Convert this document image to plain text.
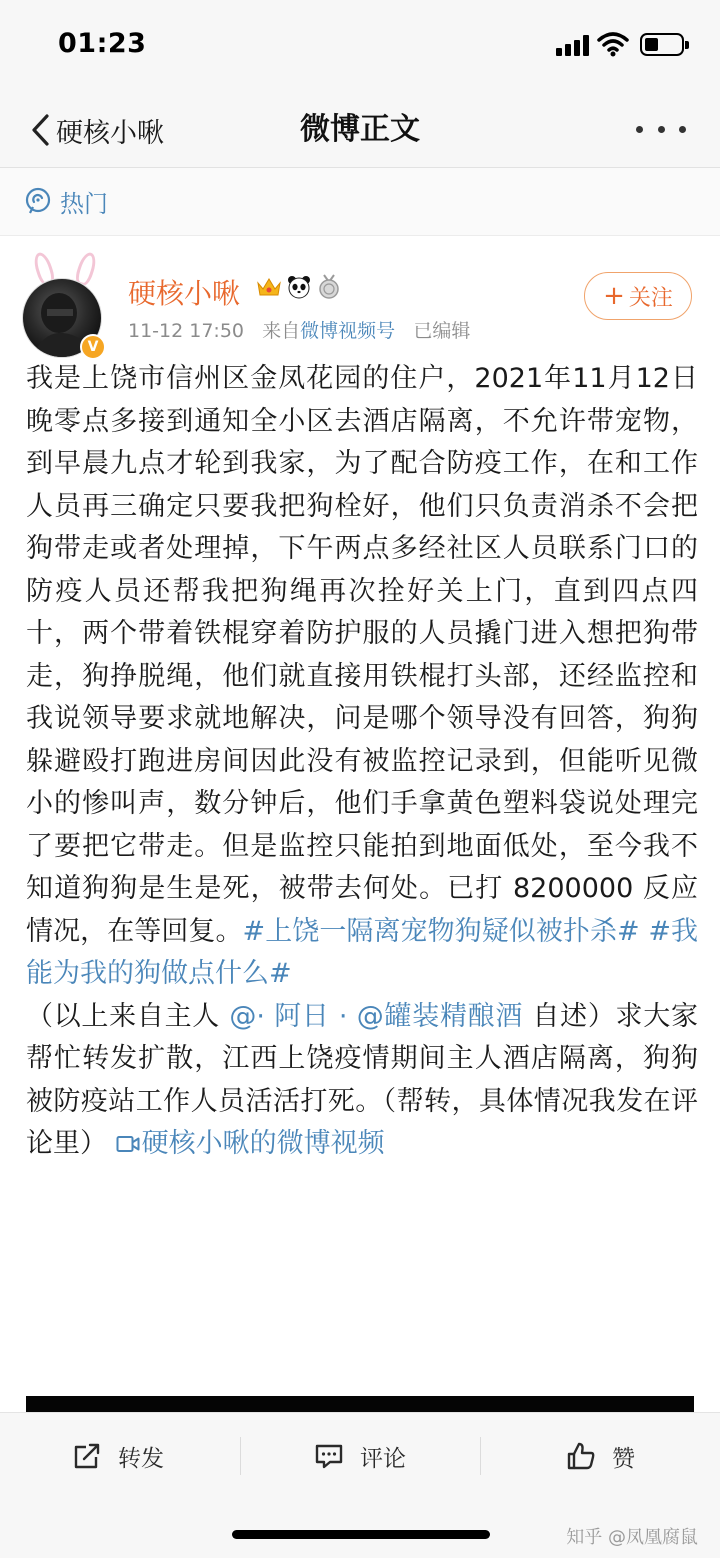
01:23
硬核小啾	微博正文
热门
V
硬核小啾
11-12 17:50 来自微博视频号 已编辑
+ 关注
我是上饶市信州区金凤花园的住户，2021年11月12日晚零点多接到通知全小区去酒店隔离，不允许带宠物，到早晨九点才轮到我家，为了配合防疫工作，在和工作人员再三确定只要我把狗栓好，他们只负责消杀不会把狗带走或者处理掉，下午两点多经社区人员联系门口的防疫人员还帮我把狗绳再次拴好关上门，直到四点四十，两个带着铁棍穿着防护服的人员撬门进入想把狗带走，狗挣脱绳，他们就直接用铁棍打头部，还经监控和我说领导要求就地解决，问是哪个领导没有回答，狗狗躲避殴打跑进房间因此没有被监控记录到，但能听见微小的惨叫声，数分钟后，他们手拿黄色塑料袋说处理完了要把它带走。但是监控只能拍到地面低处，至今我不知道狗狗是生是死，被带去何处。已打 8200000 反应情况，在等回复。#上饶一隔离宠物狗疑似被扑杀# #我能为我的狗做点什么#
（以上来自主人 @· 阿日 · @罐装精酿酒 自述）求大家帮忙转发扩散，江西上饶疫情期间主人酒店隔离，狗狗被防疫站工作人员活活打死。（帮转，具体情况我发在评论里） 硬核小啾的微博视频
转发	评论	赞
知乎 @凤凰腐鼠
